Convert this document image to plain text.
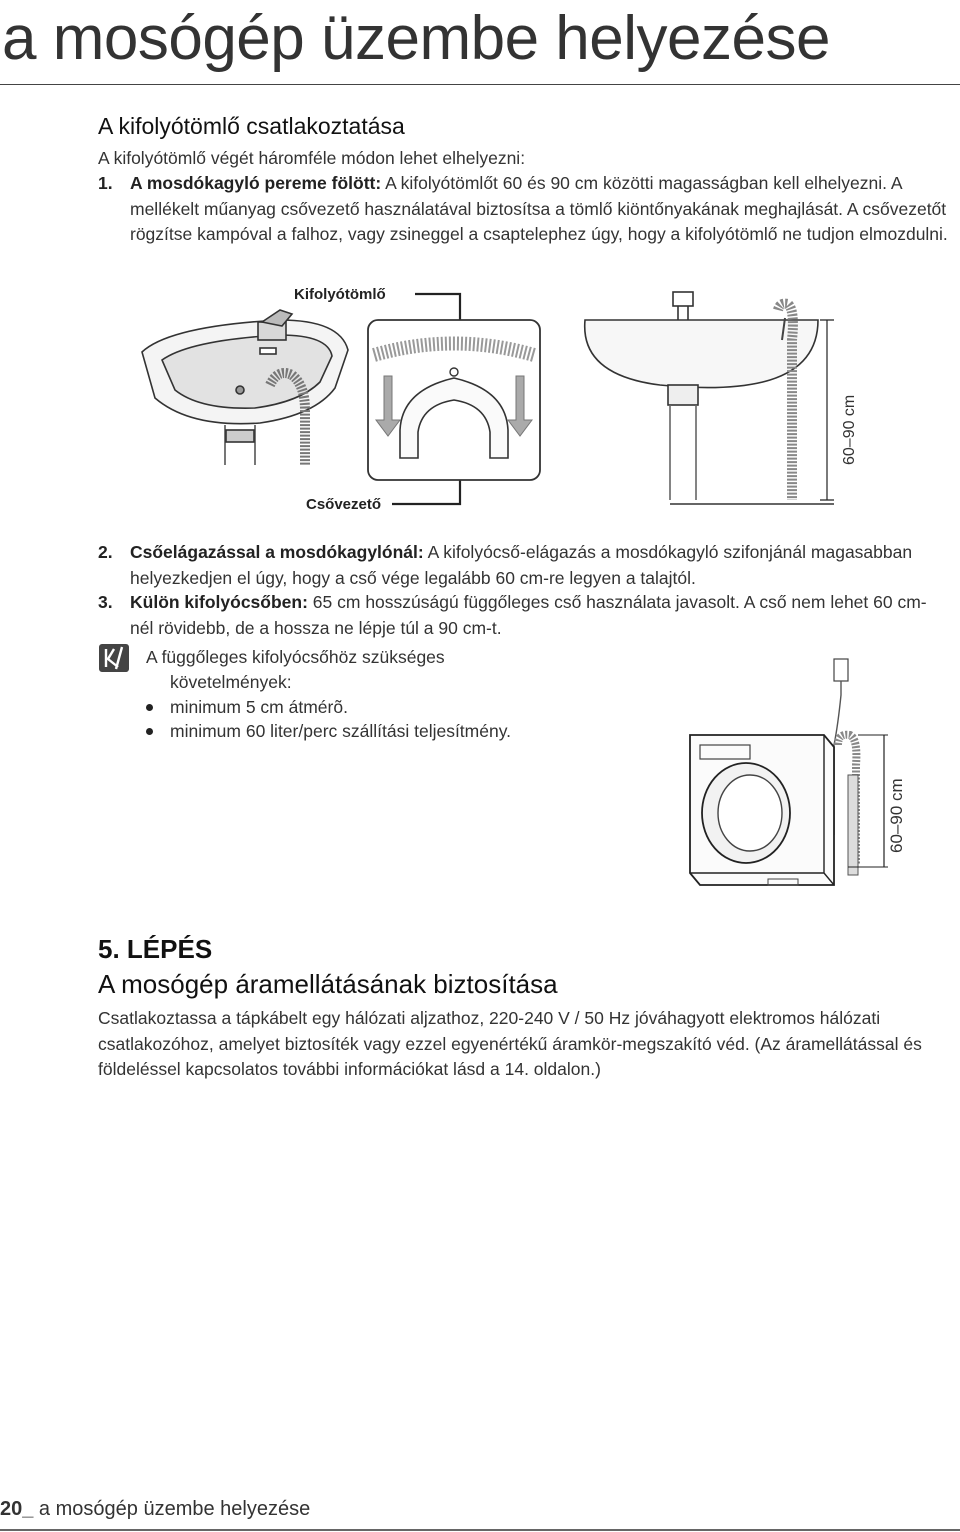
a mosógép üzembe helyezése
A kifolyótömlő csatlakoztatása
A kifolyótömlő végét háromféle módon lehet elhelyezni:
1. A mosdókagyló pereme fölött: A kifolyótömlőt 60 és 90 cm közötti magasságban kell elhelyezni. A mellékelt műanyag csővezető használatával biztosítsa a tömlő kiöntőnyakának meghajlását. A csővezetőt rögzítse kampóval a falhoz, vagy zsineggel a csaptelephez úgy, hogy a kifolyótömlő ne tudjon elmozdulni.
Kifolyótömlő
Csővezető
60–90 cm
2. Csőelágazással a mosdókagylónál: A kifolyócső-elágazás a mosdókagyló szifonjánál magasabban helyezkedjen el úgy, hogy a cső vége legalább 60 cm-re legyen a talajtól.
3. Külön kifolyócsőben: 65 cm hosszúságú függőleges cső használata javasolt. A cső nem lehet 60 cm-nél rövidebb, de a hossza ne lépje túl a 90 cm-t.
A függőleges kifolyócsőhöz szükséges
követelmények:
minimum 5 cm átmérõ.
minimum 60 liter/perc szállítási teljesítmény.
60–90 cm
5. LÉPÉS
A mosógép áramellátásának biztosítása
Csatlakoztassa a tápkábelt egy hálózati aljzathoz, 220-240 V / 50 Hz jóváhagyott elektromos hálózati csatlakozóhoz, amelyet biztosíték vagy ezzel egyenértékű áramkör-megszakító véd. (Az áramellátással és földeléssel kapcsolatos további információkat lásd a 14. oldalon.)
20_ a mosógép üzembe helyezése
